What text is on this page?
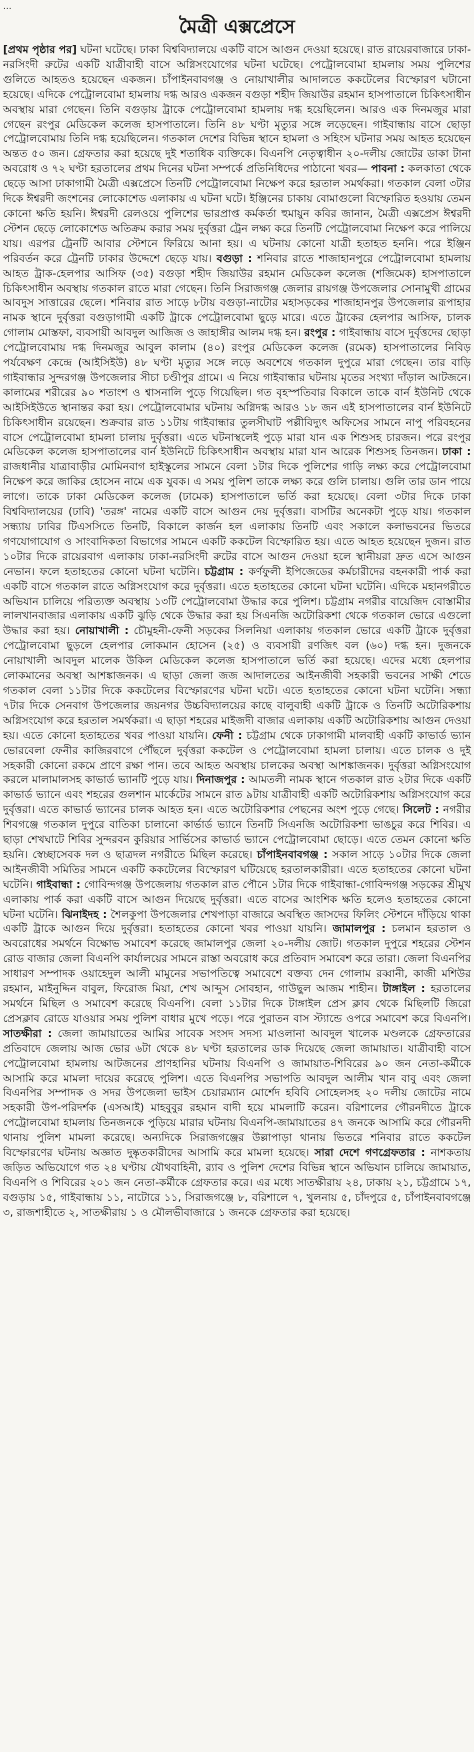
...
মৈত্রী এক্সপ্রেসে

[প্রথম পৃষ্ঠার পর] ঘটনা ঘটেছে। ঢাকা বিশ্ববিদ্যালয়ে একটি বাসে আগুন দেওয়া হয়েছে। রাত রায়েরবাজারে ঢাকা-নরসিংদী রুটের একটি যাত্রীবাহী বাসে অগ্নিসংযোগের ঘটনা ঘটেছে। পেট্রোলবোমা হামলায় সময় পুলিশের গুলিতে আহতও হয়েছেন একজন। চাঁপাইনবাবগঞ্জ ও নোয়াখালীর আদালতে ককটেলের বিস্ফোরণ ঘটানো হয়েছে। এদিকে পেট্রোলবোমা হামলায় দগ্ধ আরও একজন বগুড়া শহীদ জিয়াউর রহমান হাসপাতালে চিকিৎসাধীন অবস্থায় মারা গেছেন। তিনি বগুড়ায় ট্রাকে পেট্রোলবোমা হামলায় দগ্ধ হয়েছিলেন। আরও এক দিনমজুর মারা গেছেন রংপুর মেডিকেল কলেজ হাসপাতালে। তিনি ৪৮ ঘণ্টা মৃত্যুর সঙ্গে লড়েছেন। গাইবান্ধায় বাসে ছোড়া পেট্রোলবোমায় তিনি দগ্ধ হয়েছিলেন। গতকাল দেশের বিভিন্ন স্থানে হামলা ও সহিংস ঘটনার সময় আহত হয়েছেন অন্তত ৫০ জন। গ্রেফতার করা হয়েছে দুই শতাধিক ব্যক্তিকে। বিএনপি নেতৃত্বাধীন ২০-দলীয় জোটের ডাকা টানা অবরোধ ও ৭২ ঘণ্টা হরতালের প্রথম দিনের ঘটনা সম্পর্কে প্রতিনিধিদের পাঠানো খবর— পাবনা : কলকাতা থেকে ছেড়ে আসা ঢাকাগামী মৈত্রী এক্সপ্রেসে তিনটি পেট্রোলবোমা নিক্ষেপ করে হরতাল সমর্থকরা। গতকাল বেলা ৩টার দিকে ঈশ্বরদী জংশনের লোকোশেড এলাকায় এ ঘটনা ঘটে। ইঞ্জিনের চাকায় বোমাগুলো বিস্ফোরিত হওয়ায় তেমন কোনো ক্ষতি হয়নি। ঈশ্বরদী রেলওয়ে পুলিশের ভারপ্রাপ্ত কর্মকর্তা হুমায়ুন কবির জানান, মৈত্রী এক্সপ্রেস ঈশ্বরদী স্টেশন ছেড়ে লোকোশেড অতিক্রম করার সময় দুর্বৃত্তরা ট্রেন লক্ষ্য করে তিনটি পেট্রোলবোমা নিক্ষেপ করে পালিয়ে যায়। এরপর ট্রেনটি আবার স্টেশনে ফিরিয়ে আনা হয়। এ ঘটনায় কোনো যাত্রী হতাহত হননি। পরে ইঞ্জিন পরিবর্তন করে ট্রেনটি ঢাকার উদ্দেশে ছেড়ে যায়। বগুড়া : শনিবার রাতে শাজাহানপুরে পেট্রোলবোমা হামলায় আহত ট্রাক-হেলপার আসিফ (৩৫) বগুড়া শহীদ জিয়াউর রহমান মেডিকেল কলেজ (শজিমেক) হাসপাতালে চিকিৎসাধীন অবস্থায় গতকাল রাতে মারা গেছেন। তিনি সিরাজগঞ্জ জেলার রায়গঞ্জ উপজেলার সোনামুখী গ্রামের আবদুস সাত্তারের ছেলে। শনিবার রাত সাড়ে ৮টায় বগুড়া-নাটোর মহাসড়কের শাজাহানপুর উপজেলার রূপাহার নামক স্থানে দুর্বৃত্তরা বগুড়াগামী একটি ট্রাকে পেট্রোলবোমা ছুড়ে মারে। এতে ট্রাকের হেলপার আসিফ, চালক গোলাম মোস্তফা, ব্যবসায়ী আবদুল আজিজ ও জাহাঙ্গীর আলম দগ্ধ হন। রংপুর : গাইবান্ধায় বাসে দুর্বৃত্তদের ছোড়া পেট্রোলবোমায় দগ্ধ দিনমজুর আবুল কালাম (৪০) রংপুর মেডিকেল কলেজ (রমেক) হাসপাতালের নিবিড় পর্যবেক্ষণ কেন্দ্রে (আইসিইউ) ৪৮ ঘণ্টা মৃত্যুর সঙ্গে লড়ে অবশেষে গতকাল দুপুরে মারা গেছেন। তার বাড়ি গাইবান্ধার সুন্দরগঞ্জ উপজেলার সীচা চণ্ডীপুর গ্রামে। এ নিয়ে গাইবান্ধার ঘটনায় মৃতের সংখ্যা দাঁড়াল আটজনে। কালামের শরীরের ৯০ শতাংশ ও শ্বাসনালি পুড়ে গিয়েছিল। গত বৃহস্পতিবার বিকালে তাকে বার্ন ইউনিট থেকে আইসিইউতে স্থানান্তর করা হয়। পেট্রোলবোমার ঘটনায় অগ্নিদগ্ধ আরও ১৮ জন এই হাসপাতালের বার্ন ইউনিটে চিকিৎসাধীন রয়েছেন। শুক্রবার রাত ১১টায় গাইবান্ধার তুলসীঘাট পল্লীবিদ্যুৎ অফিসের সামনে নাপু পরিবহনের বাসে পেট্রোলবোমা হামলা চালায় দুর্বৃত্তরা। এতে ঘটনাস্থলেই পুড়ে মারা যান এক শিশুসহ চারজন। পরে রংপুর মেডিকেল কলেজ হাসপাতালের বার্ন ইউনিটে চিকিৎসাধীন অবস্থায় মারা যান আরেক শিশুসহ তিনজন। ঢাকা : রাজধানীর যাত্রাবাড়ীর মোমিনবাগ হাইস্কুলের সামনে বেলা ১টার দিকে পুলিশের গাড়ি লক্ষ্য করে পেট্রোলবোমা নিক্ষেপ করে জাকির হোসেন নামে এক যুবক। এ সময় পুলিশ তাকে লক্ষ্য করে গুলি চালায়। গুলি তার ডান পায়ে লাগে। তাকে ঢাকা মেডিকেল কলেজ (ঢামেক) হাসপাতালে ভর্তি করা হয়েছে। বেলা ৩টার দিকে ঢাকা বিশ্ববিদ্যালয়ের (ঢাবি) 'তরঙ্গ' নামের একটি বাসে আগুন দেয় দুর্বৃত্তরা। বাসটির অনেকটা পুড়ে যায়। গতকাল সন্ধ্যায় ঢাবির টিএসসিতে তিনটি, বিকালে কার্জন হল এলাকায় তিনটি এবং সকালে কলাভবনের ভিতরে গণযোগাযোগ ও সাংবাদিকতা বিভাগের সামনে একটি ককটেল বিস্ফোরিত হয়। এতে আহত হয়েছেন দুজন। রাত ১০টার দিকে রায়েরবাগ এলাকায় ঢাকা-নরসিংদী রুটের বাসে আগুন দেওয়া হলে স্থানীয়রা দ্রুত এসে আগুন নেভান। ফলে হতাহতের কোনো ঘটনা ঘটেনি। চট্টগ্রাম : কর্ণফুলী ইপিজেডের কর্মচারীদের বহনকারী পার্ক করা একটি বাসে গতকাল রাতে অগ্নিসংযোগ করে দুর্বৃত্তরা। এতে হতাহতের কোনো ঘটনা ঘটেনি। এদিকে মহানগরীতে অভিযান চালিয়ে পরিত্যক্ত অবস্থায় ১৩টি পেট্রোলবোমা উদ্ধার করে পুলিশ। চট্টগ্রাম নগরীর বায়েজিদ বোস্তামীর লালখানবাজার এলাকায় একটি ঝুড়ি থেকে উদ্ধার করা হয় সিএনজি অটোরিকশা থেকে গতকাল ভোরে এগুলো উদ্ধার করা হয়। নোয়াখালী : চৌমুহনী-ফেনী সড়কের সিলনিয়া এলাকায় গতকাল ভোরে একটি ট্রাকে দুর্বৃত্তরা পেট্রোলবোমা ছুড়লে হেলপার লোকমান হোসেন (২৫) ও ব্যবসায়ী রণজিৎ বল (৬০) দগ্ধ হন। দুজনকে নোয়াখালী আবদুল মালেক উকিল মেডিকেল কলেজ হাসপাতালে ভর্তি করা হয়েছে। এদের মধ্যে হেলপার লোকমানের অবস্থা আশঙ্কাজনক। এ ছাড়া জেলা জজ আদালতের আইনজীবী সহকারী ভবনের সাক্ষী শেডে গতকাল বেলা ১১টার দিকে ককটেলের বিস্ফোরণের ঘটনা ঘটে। এতে হতাহতের কোনো ঘটনা ঘটেনি। সন্ধ্যা ৭টার দিকে সেনবাগ উপজেলার জয়নগর উচ্চবিদ্যালয়ের কাছে বালুবাহী একটি ট্রাকে ও তিনটি অটোরিকশায় অগ্নিসংযোগ করে হরতাল সমর্থকরা। এ ছাড়া শহরের মাইজদী বাজার এলাকায় একটি অটোরিকশায় আগুন দেওয়া হয়। এতে কোনো হতাহতের খবর পাওয়া যায়নি। ফেনী : চট্টগ্রাম থেকে ঢাকাগামী মালবাহী একটি কাভার্ড ভ্যান ভোরবেলা ফেনীর কাজিরবাগে পৌঁছলে দুর্বৃত্তরা ককটেল ও পেট্রোলবোমা হামলা চালায়। এতে চালক ও দুই সহকারী কোনো রকমে প্রাণে রক্ষা পান। তবে আহত অবস্থায় চালকের অবস্থা আশঙ্কাজনক। দুর্বৃত্তরা অগ্নিসংযোগ করলে মালামালসহ কাভার্ড ভ্যানটি পুড়ে যায়। দিনাজপুর : আমতলী নামক স্থানে গতকাল রাত ২টার দিকে একটি কাভার্ড ভ্যানে এবং শহরের গুলশান মার্কেটের সামনে রাত ৯টায় যাত্রীবাহী একটি অটোরিকশায় অগ্নিসংযোগ করে দুর্বৃত্তরা। এতে কাভার্ড ভ্যানের চালক আহত হন। এতে অটোরিকশার পেছনের অংশ পুড়ে গেছে। সিলেট : নগরীর শিবগঞ্জে গতকাল দুপুরে বাতিকা চালানো কার্ভার্ড ভ্যানে তিনটি সিএনজি অটোরিকশা ভাঙচুর করে শিবির। এ ছাড়া শেখঘাটে শিবির সুন্দরবন কুরিয়ার সার্ভিসের কাভার্ড ভ্যানে পেট্রোলবোমা ছোড়ে। এতে তেমন কোনো ক্ষতি হয়নি। স্বেচ্ছাসেবক দল ও ছাত্রদল নগরীতে মিছিল করেছে। চাঁপাইনবাবগঞ্জ : সকাল সাড়ে ১০টার দিকে জেলা আইনজীবী সমিতির সামনে একটি ককটেলের বিস্ফোরণ ঘটিয়েছে হরতালকারীরা। এতে হতাহতের কোনো ঘটনা ঘটেনি। গাইবান্ধা : গোবিন্দগঞ্জ উপজেলায় গতকাল রাত পৌনে ১টার দিকে গাইবান্ধা-গোবিন্দগঞ্জ সড়কের শ্রীমুখ এলাকায় পার্ক করা একটি বাসে আগুন দিয়েছে দুর্বৃত্তরা। এতে বাসের আংশিক ক্ষতি হলেও হতাহতের কোনো ঘটনা ঘটেনি। ঝিনাইদহ : শৈলকুপা উপজেলার শেখপাড়া বাজারে অবস্থিত জাসদের ফিলিং স্টেশনে দাঁড়িয়ে থাকা একটি ট্রাকে আগুন দিয়ে দুর্বৃত্তরা। হতাহতের কোনো খবর পাওয়া যায়নি। জামালপুর : চলমান হরতাল ও অবরোধের সমর্থনে বিক্ষোভ সমাবেশ করেছে জামালপুর জেলা ২০-দলীয় জোট। গতকাল দুপুরে শহরের স্টেশন রোড বাজার জেলা বিএনপি কার্যালয়ের সামনে রাস্তা অবরোধ করে প্রতিবাদ সমাবেশ করে তারা। জেলা বিএনপির সাধারণ সম্পাদক ওয়াহেদুল আলী মামুনের সভাপতিত্বে সমাবেশে বক্তব্য দেন গোলাম রব্বানী, কাজী মশিউর রহমান, মাইনুদ্দিন বাবুল, ফিরোজ মিয়া, শেখ আব্দুস সোবহান, গাউছুল আজম শাহীন। টাঙ্গাইল : হরতালের সমর্থনে মিছিল ও সমাবেশ করেছে বিএনপি। বেলা ১১টার দিকে টাঙ্গাইল প্রেস ক্লাব থেকে মিছিলটি জিরো প্রেসক্লাব রোডে যাওয়ার সময় পুলিশ বাধার মুখে পড়ে। পরে পুরাতন বাস স্ট্যান্ডে ওপরে সমাবেশ করে বিএনপি। সাতক্ষীরা : জেলা জামায়াতের আমির সাবেক সংসদ সদস্য মাওলানা আবদুল খালেক মণ্ডলকে গ্রেফতারের প্রতিবাদে জেলায় আজ ভোর ৬টা থেকে ৪৮ ঘণ্টা হরতালের ডাক দিয়েছে জেলা জামায়াত। যাত্রীবাহী বাসে পেট্রোলবোমা হামলায় আটজনের প্রাণহানির ঘটনায় বিএনপি ও জামায়াত-শিবিরের ৯০ জন নেতা-কর্মীকে আসামি করে মামলা দায়ের করেছে পুলিশ। এতে বিএনপির সভাপতি আবদুল আলীম খান বাবু এবং জেলা বিএনপির সম্পাদক ও সদর উপজেলা ভাইস চেয়ারম্যান মোর্শেদ হবিবি সোহেলসহ ২০ দলীয় জোটের নামে সহকারী উপ-পরিদর্শক (এসআই) মাহবুবুর রহমান বাদী হয়ে মামলাটি করেন। বরিশালের গৌরনদীতে ট্রাকে পেট্রোলবোমা হামলায় তিনজনকে পুড়িয়ে মারার ঘটনায় বিএনপি-জামায়াতের ৪৭ জনকে আসামি করে গৌরনদী থানায় পুলিশ মামলা করেছে। অন্যদিকে সিরাজগঞ্জের উল্লাপাড়া থানায় ভিতরে শনিবার রাতে ককটেল বিস্ফোরণের ঘটনায় অজ্ঞাত দুষ্কৃতকারীদের আসামি করে মামলা হয়েছে। সারা দেশে গণগ্রেফতার : নাশকতায় জড়িত অভিযোগে গত ২৪ ঘণ্টায় যৌথবাহিনী, র‍্যাব ও পুলিশ দেশের বিভিন্ন স্থানে অভিযান চালিয়ে জামায়াত, বিএনপি ও শিবিরের ২০১ জন নেতা-কর্মীকে গ্রেফতার করে। এর মধ্যে সাতক্ষীরায় ২৪, ঢাকায় ২১, চট্টগ্রামে ১৭, বগুড়ায় ১৫, গাইবান্ধায় ১১, নাটোরে ১১, সিরাজগঞ্জে ৮, বরিশালে ৭, খুলনায় ৫, চাঁদপুরে ৫, চাঁপাইনবাবগঞ্জে ৩, রাজশাহীতে ২, সাতক্ষীরায় ১ ও মৌলভীবাজারে ১ জনকে গ্রেফতার করা হয়েছে।
